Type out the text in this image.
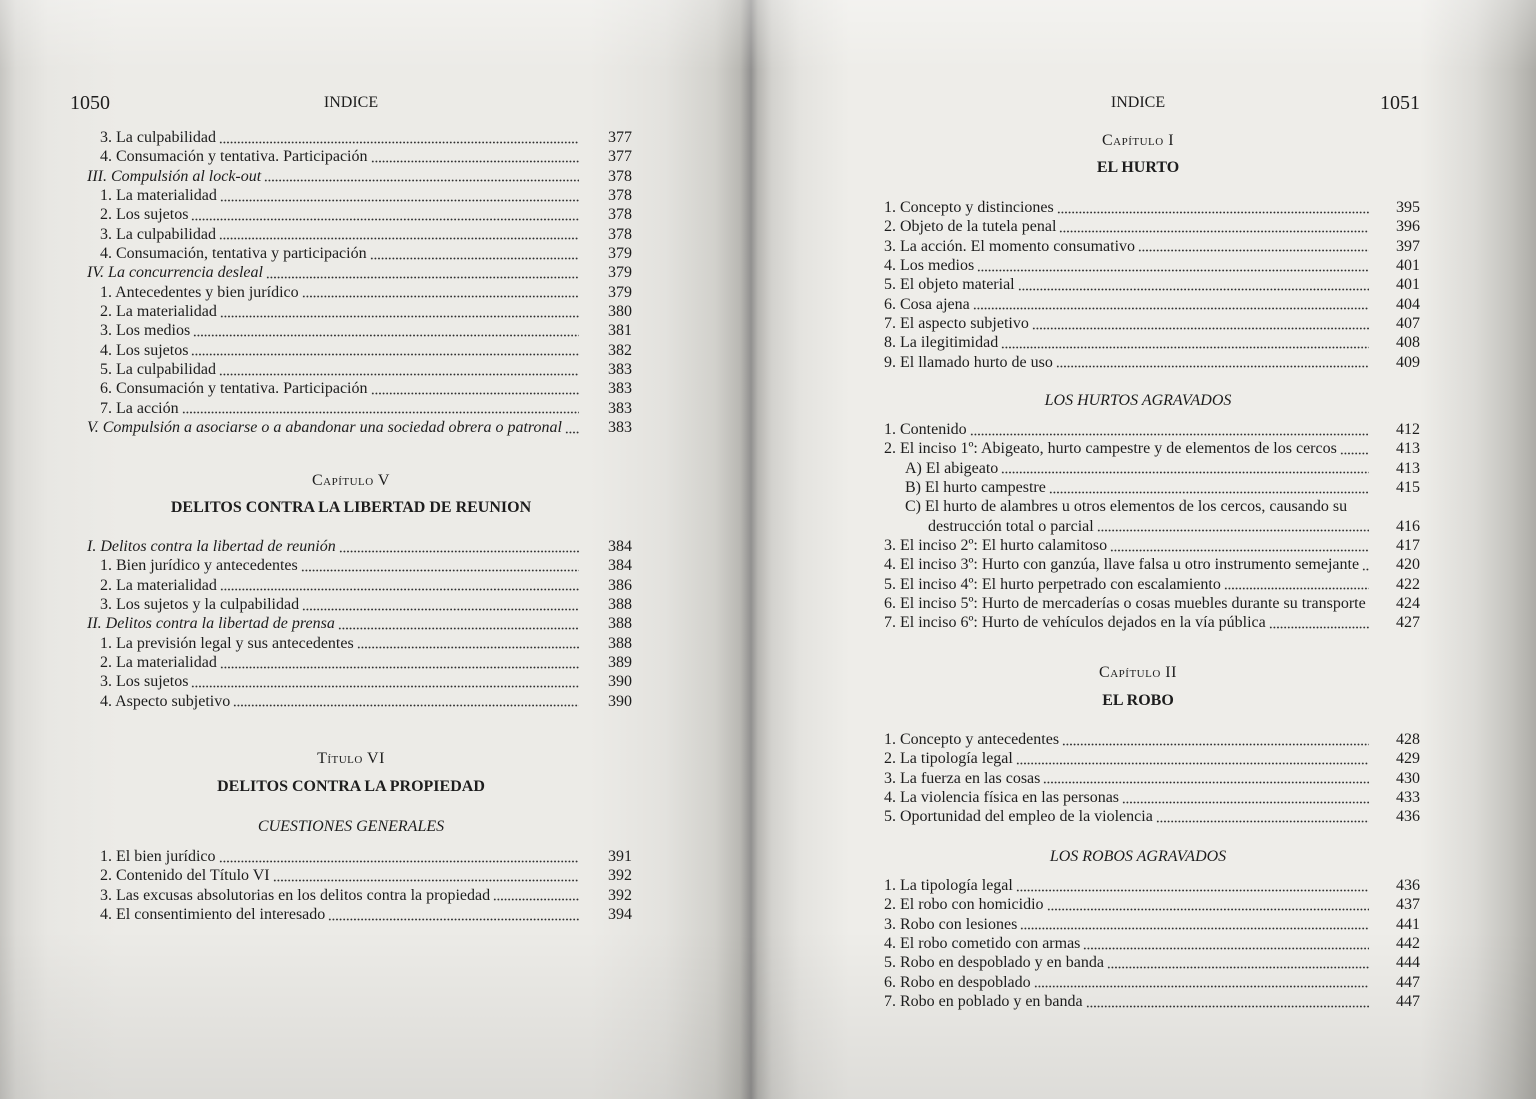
1050	INDICE
3. La culpabilidad	377
4. Consumación y tentativa. Participación	377
III. Compulsión al lock-out	378
1. La materialidad	378
2. Los sujetos	378
3. La culpabilidad	378
4. Consumación, tentativa y participación	379
IV. La concurrencia desleal	379
1. Antecedentes y bien jurídico	379
2. La materialidad	380
3. Los medios	381
4. Los sujetos	382
5. La culpabilidad	383
6. Consumación y tentativa. Participación	383
7. La acción	383
V. Compulsión a asociarse o a abandonar una sociedad obrera o patronal	383
Capítulo V
DELITOS CONTRA LA LIBERTAD DE REUNION
I. Delitos contra la libertad de reunión	384
1. Bien jurídico y antecedentes	384
2. La materialidad	386
3. Los sujetos y la culpabilidad	388
II. Delitos contra la libertad de prensa	388
1. La previsión legal y sus antecedentes	388
2. La materialidad	389
3. Los sujetos	390
4. Aspecto subjetivo	390
Título VI
DELITOS CONTRA LA PROPIEDAD
CUESTIONES GENERALES
1. El bien jurídico	391
2. Contenido del Título VI	392
3. Las excusas absolutorias en los delitos contra la propiedad	392
4. El consentimiento del interesado	394
INDICE	1051
Capítulo I
EL HURTO
1. Concepto y distinciones	395
2. Objeto de la tutela penal	396
3. La acción. El momento consumativo	397
4. Los medios	401
5. El objeto material	401
6. Cosa ajena	404
7. El aspecto subjetivo	407
8. La ilegitimidad	408
9. El llamado hurto de uso	409
LOS HURTOS AGRAVADOS
1. Contenido	412
2. El inciso 1º: Abigeato, hurto campestre y de elementos de los cercos	413
A) El abigeato	413
B) El hurto campestre	415
C) El hurto de alambres u otros elementos de los cercos, causando su
destrucción total o parcial	416
3. El inciso 2º: El hurto calamitoso	417
4. El inciso 3º: Hurto con ganzúa, llave falsa u otro instrumento semejante	420
5. El inciso 4º: El hurto perpetrado con escalamiento	422
6. El inciso 5º: Hurto de mercaderías o cosas muebles durante su transporte	424
7. El inciso 6º: Hurto de vehículos dejados en la vía pública	427
Capítulo II
EL ROBO
1. Concepto y antecedentes	428
2. La tipología legal	429
3. La fuerza en las cosas	430
4. La violencia física en las personas	433
5. Oportunidad del empleo de la violencia	436
LOS ROBOS AGRAVADOS
1. La tipología legal	436
2. El robo con homicidio	437
3. Robo con lesiones	441
4. El robo cometido con armas	442
5. Robo en despoblado y en banda	444
6. Robo en despoblado	447
7. Robo en poblado y en banda	447
